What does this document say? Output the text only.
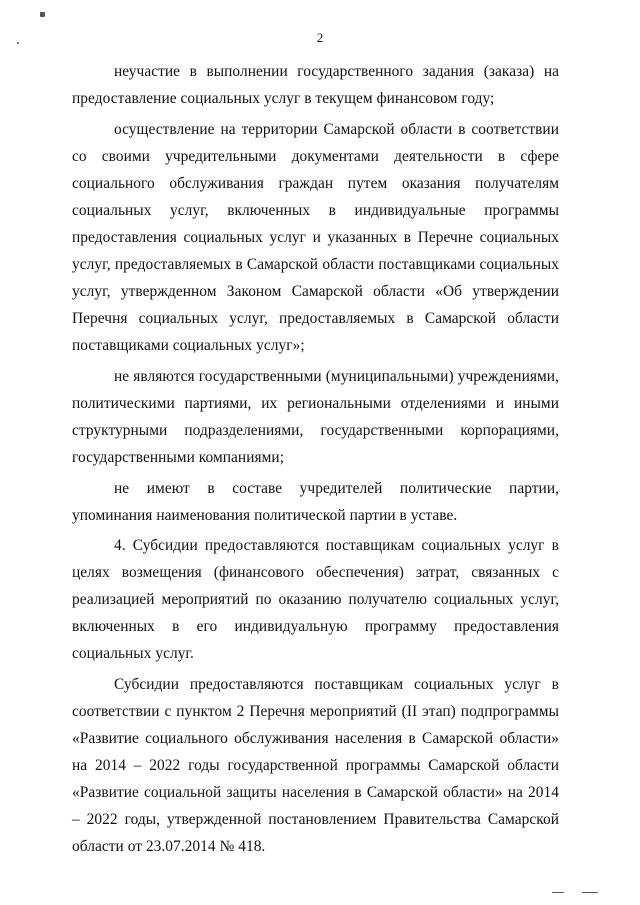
2

неучастие в выполнении государственного задания (заказа) на предоставление социальных услуг в текущем финансовом году;

осуществление на территории Самарской области в соответствии со своими учредительными документами деятельности в сфере социального обслуживания граждан путем оказания получателям социальных услуг, включенных в индивидуальные программы предоставления социальных услуг и указанных в Перечне социальных услуг, предоставляемых в Самарской области поставщиками социальных услуг, утвержденном Законом Самарской области «Об утверждении Перечня социальных услуг, предоставляемых в Самарской области поставщиками социальных услуг»;

не являются государственными (муниципальными) учреждениями, политическими партиями, их региональными отделениями и иными структурными подразделениями, государственными корпорациями, государственными компаниями;

не имеют в составе учредителей политические партии, упоминания наименования политической партии в уставе.

4. Субсидии предоставляются поставщикам социальных услуг в целях возмещения (финансового обеспечения) затрат, связанных с реализацией мероприятий по оказанию получателю социальных услуг, включенных в его индивидуальную программу предоставления социальных услуг.

Субсидии предоставляются поставщикам социальных услуг в соответствии с пунктом 2 Перечня мероприятий (II этап) подпрограммы «Развитие социального обслуживания населения в Самарской области» на 2014 – 2022 годы государственной программы Самарской области «Развитие социальной защиты населения в Самарской области» на 2014 – 2022 годы, утвержденной постановлением Правительства Самарской области от 23.07.2014 № 418.
